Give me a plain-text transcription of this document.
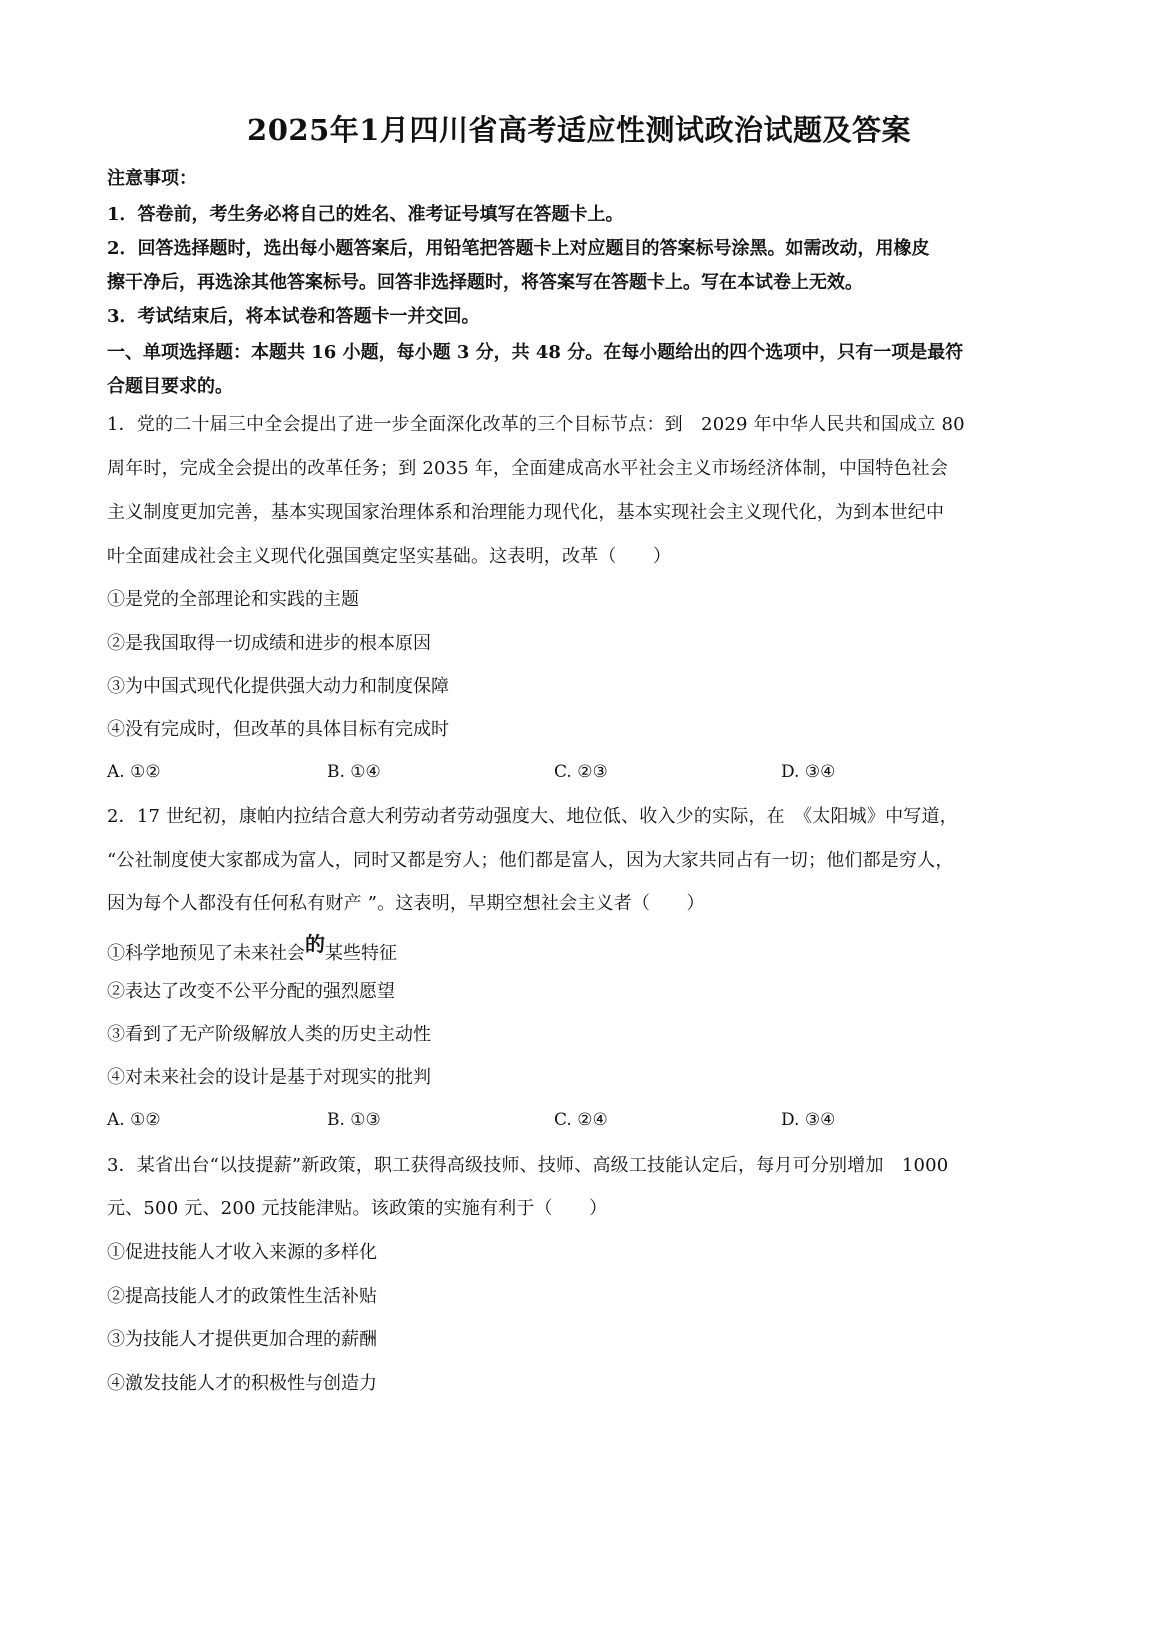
2025年1月四川省高考适应性测试政治试题及答案
注意事项：
1．答卷前，考生务必将自己的姓名、准考证号填写在答题卡上。
2．回答选择题时，选出每小题答案后，用铅笔把答题卡上对应题目的答案标号涂黑。如需改动，用橡皮
擦干净后，再选涂其他答案标号。回答非选择题时，将答案写在答题卡上。写在本试卷上无效。
3．考试结束后，将本试卷和答题卡一并交回。
一、单项选择题：本题共 16 小题，每小题 3 分，共 48 分。在每小题给出的四个选项中，只有一项是最符
合题目要求的。
1．党的二十届三中全会提出了进一步全面深化改革的三个目标节点：到　2029 年中华人民共和国成立 80
周年时，完成全会提出的改革任务；到 2035 年，全面建成高水平社会主义市场经济体制，中国特色社会
主义制度更加完善，基本实现国家治理体系和治理能力现代化，基本实现社会主义现代化，为到本世纪中
叶全面建成社会主义现代化强国奠定坚实基础。这表明，改革（　　）
①是党的全部理论和实践的主题
②是我国取得一切成绩和进步的根本原因
③为中国式现代化提供强大动力和制度保障
④没有完成时，但改革的具体目标有完成时
A. ①②	B. ①④	C. ②③	D. ③④
2．17 世纪初，康帕内拉结合意大利劳动者劳动强度大、地位低、收入少的实际，在　《太阳城》中写道，
“公社制度使大家都成为富人，同时又都是穷人；他们都是富人，因为大家共同占有一切；他们都是穷人，
因为每个人都没有任何私有财产 ”。这表明，早期空想社会主义者（　　）
①科学地预见了未来社会的某些特征
②表达了改变不公平分配的强烈愿望
③看到了无产阶级解放人类的历史主动性
④对未来社会的设计是基于对现实的批判
A. ①②	B. ①③	C. ②④	D. ③④
3．某省出台“以技提薪”新政策，职工获得高级技师、技师、高级工技能认定后，每月可分别增加　1000
元、500 元、200 元技能津贴。该政策的实施有利于（　　）
①促进技能人才收入来源的多样化
②提高技能人才的政策性生活补贴
③为技能人才提供更加合理的薪酬
④激发技能人才的积极性与创造力
